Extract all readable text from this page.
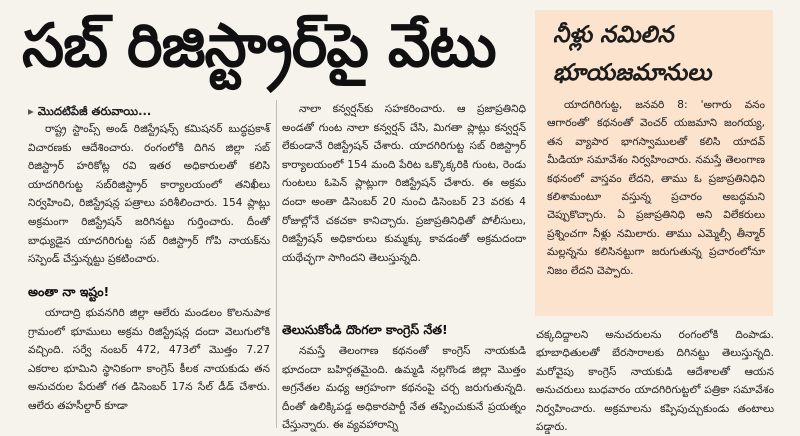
సబ్‌ రిజిస్ట్రార్‌పై వేటు
▸ మొదటిపేజీ తరువాయి...

రాష్ట్ర స్టాంప్స్‌ అండ్‌ రిజిస్ట్రేషన్స్‌ కమిషనర్‌ బుద్ధప్రకాశ్‌ విచారణకు ఆదేశించారు. రంగంలోకి దిగిన జిల్లా సబ్‌ రిజిస్ట్రార్‌ హరికోట్ల రవి ఇతర అధికారులతో కలిసి యాదగిరిగుట్ట సబ్‌రిజిస్ట్రార్‌ కార్యాలయంలో తనిఖీలు నిర్వహించి, రిజిస్ట్రేషన్ల పత్రాలు పరిశీలించారు. 154 ప్లాట్లు అక్రమంగా రిజిస్ట్రేషన్‌ జరిగినట్టు గుర్తించారు. దీంతో బాధ్యుడైన యాదగిరిగుట్ట సబ్‌ రిజిస్ట్రార్‌ గోపి నాయక్‌ను సస్పెండ్‌ చేస్తున్నట్టు ప్రకటించారు.

అంతా నా ఇష్టం!

యాదాద్రి భువనగిరి జిల్లా ఆలేరు మండలం కొలనుపాక గ్రామంలో భూములు అక్రమ రిజిస్ట్రేషన్ల దందా వెలుగులోకి వచ్చింది. సర్వే నంబర్‌ 472, 473లో మొత్తం 7.27 ఎకరాల భూమిని స్థానికంగా కాంగ్రెస్‌ కీలక నాయకుడు తన అనుచరుల పేరుతో గత డిసెంబర్‌ 17న సేల్‌ డీడ్‌ చేశారు. ఆలేరు తహసీల్దార్‌ కూడా

నాలా కన్వర్షన్‌కు సహకరించారు. ఆ ప్రజాప్రతినిధి అండతో గుంట నాలా కన్వర్షన్‌ చేసి, మిగతా ప్లాట్లు కన్వర్షన్‌ లేకుండానే రిజిస్ట్రేషన్‌ చేశారు. యాదగిరిగుట్ట సబ్‌ రిజిస్ట్రార్‌ కార్యాలయంలో 154 మంది పేరిట ఒక్కొక్కరికి గుంట, రెండు గుంటలు ఓపెన్‌ ప్లాట్లుగా రిజిస్ట్రేషన్‌ చేశారు. ఈ అక్రమ దందా అంతా డిసెంబర్‌ 20 నుంచి డిసెంబర్‌ 23 వరకు 4 రోజుల్లోనే చకచకా కానిచ్చారు. ప్రజాప్రతినిధితో పోలీసులు, రిజిస్ట్రేషన్‌ అధికారులు కుమ్మక్కు కావడంతో అక్రమదందా యథేచ్ఛగా సాగిందని తెలుస్తున్నది.

తెలుసుకోండి దొంగలా కాంగ్రెస్‌ నేత!

నమస్తే తెలంగాణ కథనంతో కాంగ్రెస్‌ నాయకుడి భూదందా బహిర్గతమైంది. ఉమ్మడి నల్లగొండ జిల్లా మొత్తం అగ్రనేతల మధ్య ఆగ్రహంగా కథనంపై చర్చ జరుగుతున్నది. దీంతో ఉలిక్కిపడ్డ అధికారపార్టీ నేత తప్పించుకునే ప్రయత్నం చేస్తున్నారు. ఈ వ్యవహారాన్ని

నీళ్లు నమిలిన భూయజమానులు

యాదగిరిగుట్ట, జనవరి 8: 'అగారు వనం ఆగారంతో' కథనంతో వెంచర్‌ యజమాని జంగయ్య, తన వ్యాపార భాగస్వాములతో కలిసి యాదవ్‌ మీడియా సమావేశం నిర్వహించారు. నమస్తే తెలంగాణ కథనంలో వాస్తవం లేదని, తాము ఓ ప్రజాప్రతినిధిని కలిశామంటూ వస్తున్న ప్రచారం అబద్ధమని చెప్పుకొచ్చారు. ఏ ప్రజాప్రతినిధి అని విలేకరులు ప్రశ్నించగా నీళ్లు నమిలారు. తాము ఎమ్మెల్సీ తీన్మార్‌ మల్లన్నను కలిసినట్టుగా జరుగుతున్న ప్రచారంలోనూ నిజం లేదని చెప్పారు.

చక్కదిద్దాలని అనుచరులను రంగంలోకి దింపాడు. భూబాధితులతో బేరసారాలకు దిగినట్టు తెలుస్తున్నది. మరోవైపు కాంగ్రెస్‌ నాయకుడి ఆదేశాలతో ఆయన అనుచరులు బుధవారం యాదగిరిగుట్టలో పత్రికా సమావేశం నిర్వహించారు. అక్రమాలను కప్పిపుచ్చుకుండు తంటాలు పడ్డారు.
